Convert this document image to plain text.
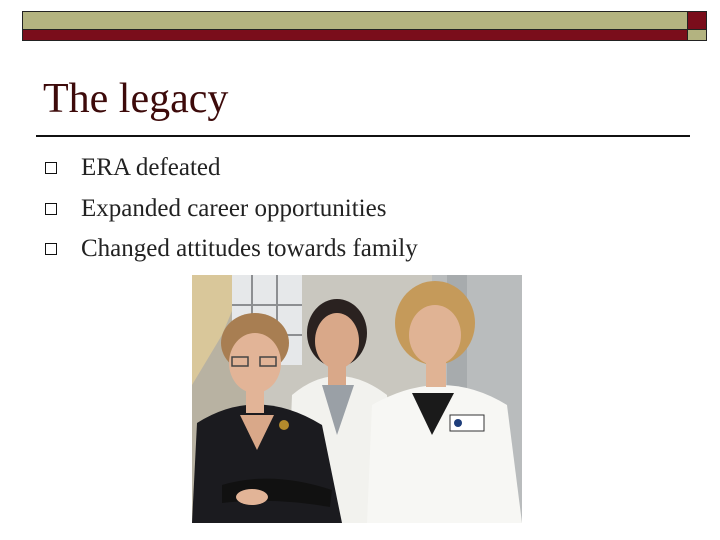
The legacy
ERA defeated
Expanded career opportunities
Changed attitudes towards family
